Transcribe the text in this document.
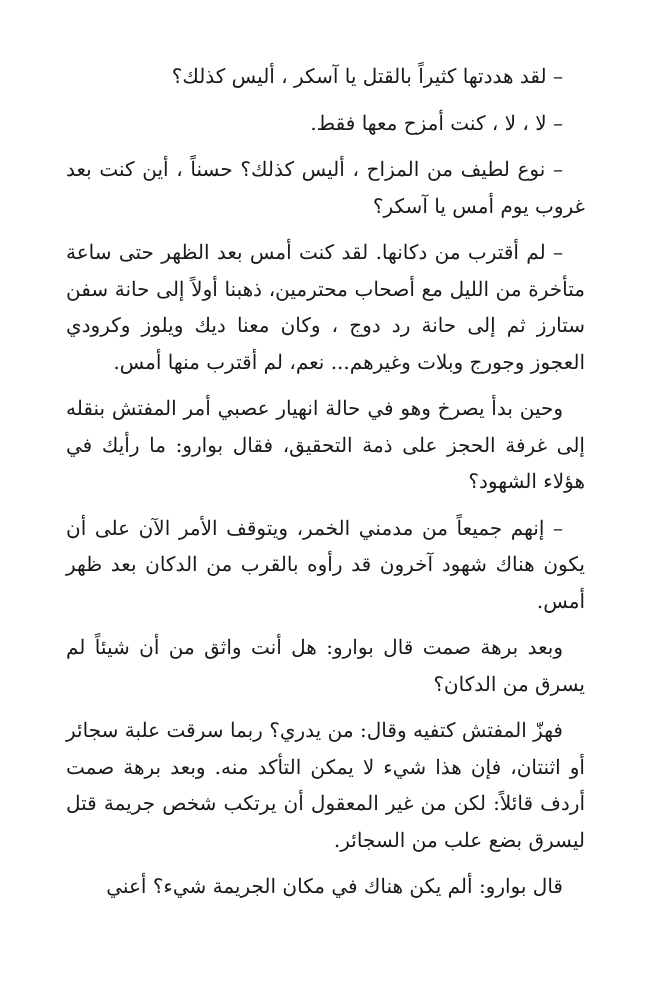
– لقد هددتها كثيراً بالقتل يا آسكر ، أليس كذلك؟

– لا ، لا ، كنت أمزح معها فقط.

– نوع لطيف من المزاح ، أليس كذلك؟ حسناً ، أين كنت بعد غروب يوم أمس يا آسكر؟

– لم أقترب من دكانها. لقد كنت أمس بعد الظهر حتى ساعة متأخرة من الليل مع أصحاب محترمين، ذهبنا أولاً إلى حانة سفن ستارز ثم إلى حانة رد دوج ، وكان معنا ديك ويلوز وكرودي العجوز وجورج وبلات وغيرهم... نعم، لم أقترب منها أمس.

وحين بدأ يصرخ وهو في حالة انهيار عصبي أمر المفتش بنقله إلى غرفة الحجز على ذمة التحقيق، فقال بوارو: ما رأيك في هؤلاء الشهود؟

– إنهم جميعاً من مدمني الخمر، ويتوقف الأمر الآن على أن يكون هناك شهود آخرون قد رأوه بالقرب من الدكان بعد ظهر أمس.

وبعد برهة صمت قال بوارو: هل أنت واثق من أن شيئاً لم يسرق من الدكان؟

فهزّ المفتش كتفيه وقال: من يدري؟ ربما سرقت علبة سجائر أو اثنتان، فإن هذا شيء لا يمكن التأكد منه. وبعد برهة صمت أردف قائلاً: لكن من غير المعقول أن يرتكب شخص جريمة قتل ليسرق بضع علب من السجائر.

قال بوارو: ألم يكن هناك في مكان الجريمة شيء؟ أعني
